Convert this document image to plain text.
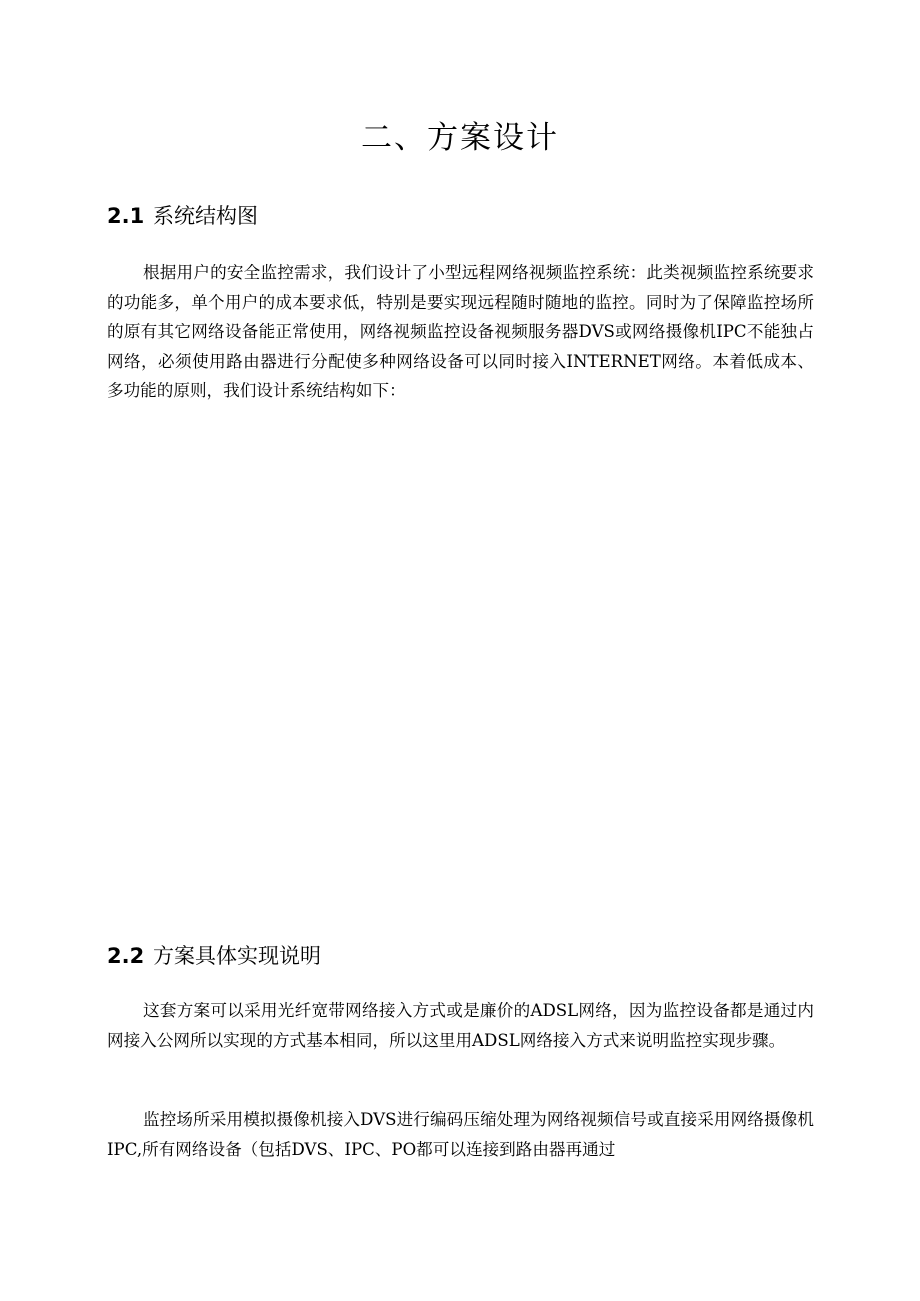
二、方案设计
2.1 系统结构图

根据用户的安全监控需求，我们设计了小型远程网络视频监控系统：此类视频监控系统要求的功能多，单个用户的成本要求低，特别是要实现远程随时随地的监控。同时为了保障监控场所的原有其它网络设备能正常使用，网络视频监控设备视频服务器DVS或网络摄像机IPC不能独占网络，必须使用路由器进行分配使多种网络设备可以同时接入INTERNET网络。本着低成本、多功能的原则，我们设计系统结构如下：

2.2 方案具体实现说明

这套方案可以采用光纤宽带网络接入方式或是廉价的ADSL网络，因为监控设备都是通过内网接入公网所以实现的方式基本相同，所以这里用ADSL网络接入方式来说明监控实现步骤。

监控场所采用模拟摄像机接入DVS进行编码压缩处理为网络视频信号或直接采用网络摄像机IPC,所有网络设备（包括DVS、IPC、PO都可以连接到路由器再通过
